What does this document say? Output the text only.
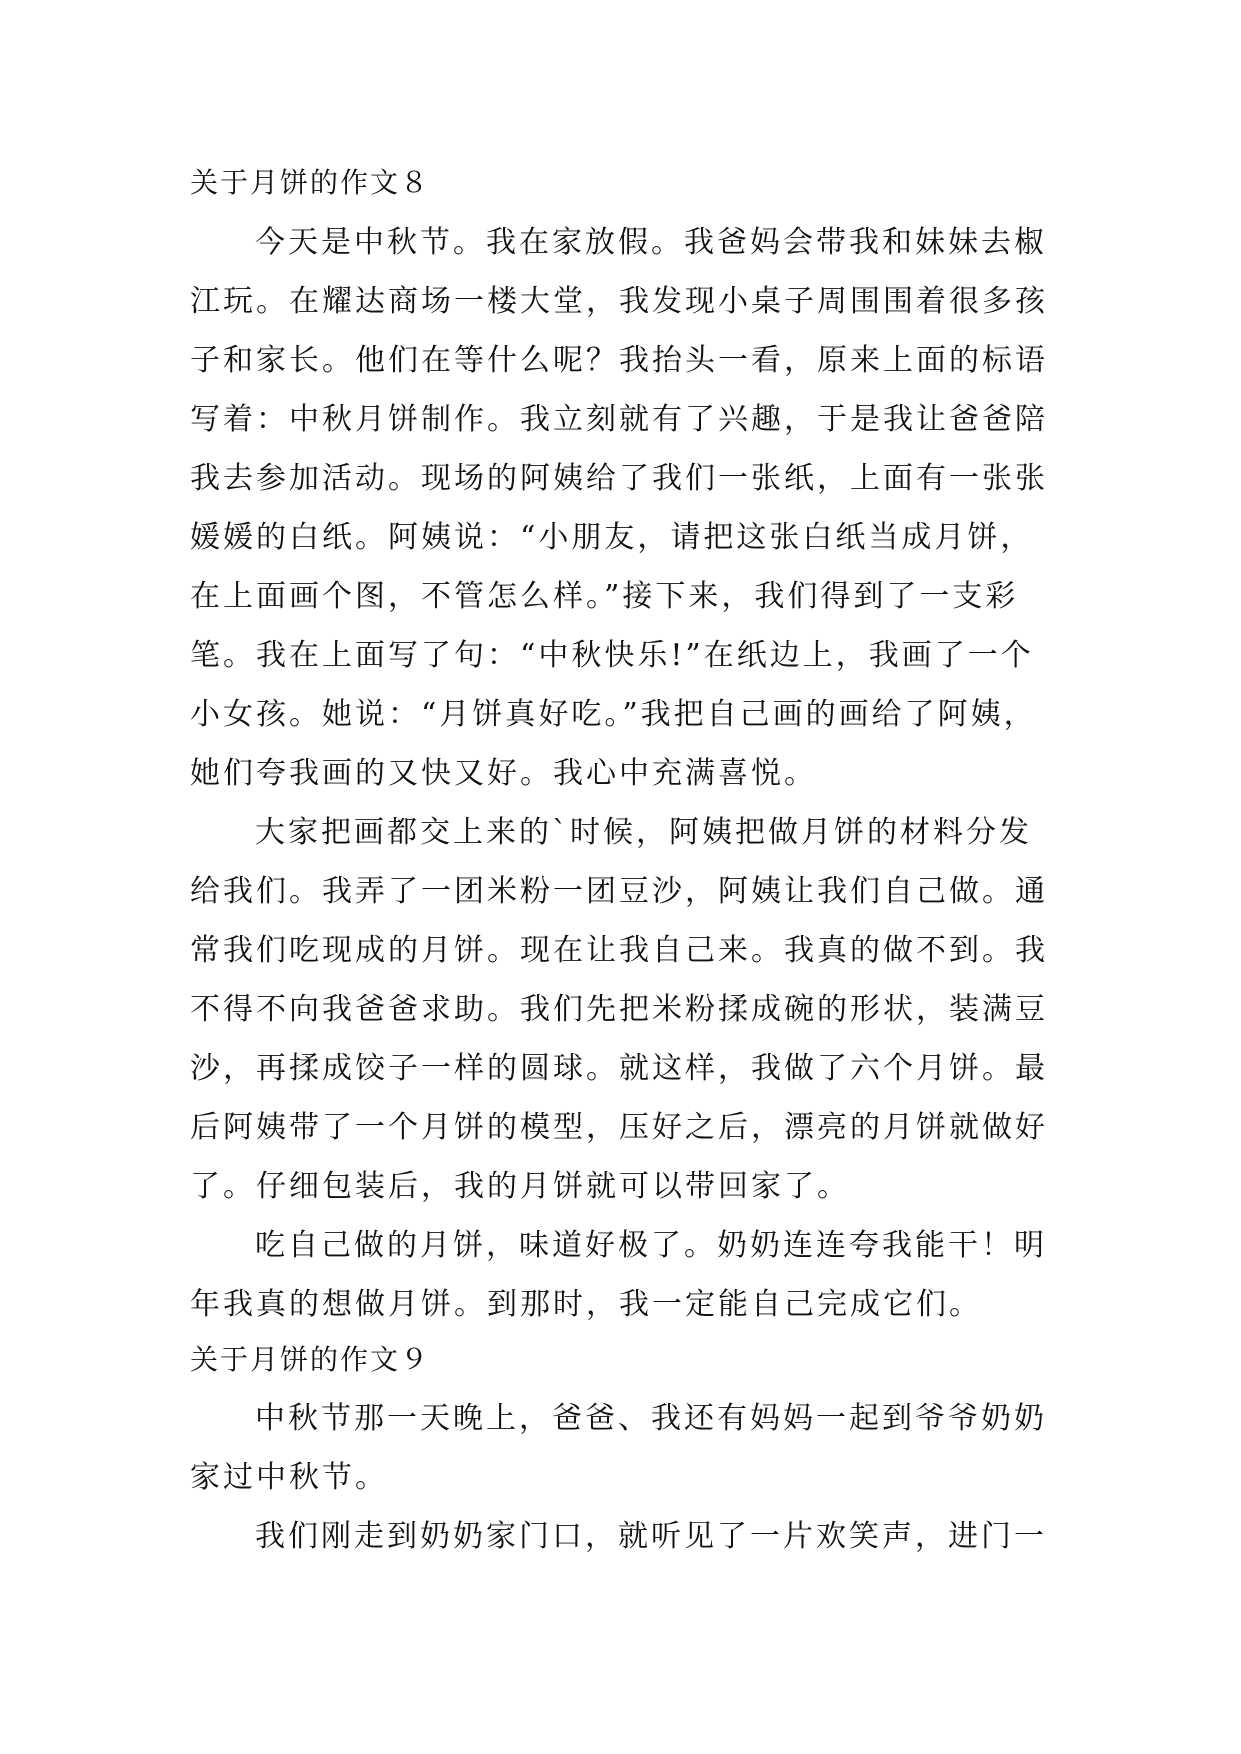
关于月饼的作文８
今天是中秋节。我在家放假。我爸妈会带我和妹妹去椒
江玩。在耀达商场一楼大堂，我发现小桌子周围围着很多孩
子和家长。他们在等什么呢？我抬头一看，原来上面的标语
写着：中秋月饼制作。我立刻就有了兴趣，于是我让爸爸陪
我去参加活动。现场的阿姨给了我们一张纸，上面有一张张
媛媛的白纸。阿姨说：“小朋友，请把这张白纸当成月饼，
在上面画个图，不管怎么样。”接下来，我们得到了一支彩
笔。我在上面写了句：“中秋快乐!”在纸边上，我画了一个
小女孩。她说：“月饼真好吃。”我把自己画的画给了阿姨，
她们夸我画的又快又好。我心中充满喜悦。
大家把画都交上来的`时候，阿姨把做月饼的材料分发
给我们。我弄了一团米粉一团豆沙，阿姨让我们自己做。通
常我们吃现成的月饼。现在让我自己来。我真的做不到。我
不得不向我爸爸求助。我们先把米粉揉成碗的形状，装满豆
沙，再揉成饺子一样的圆球。就这样，我做了六个月饼。最
后阿姨带了一个月饼的模型，压好之后，漂亮的月饼就做好
了。仔细包装后，我的月饼就可以带回家了。
吃自己做的月饼，味道好极了。奶奶连连夸我能干！明
年我真的想做月饼。到那时，我一定能自己完成它们。
关于月饼的作文９
中秋节那一天晚上，爸爸、我还有妈妈一起到爷爷奶奶
家过中秋节。
我们刚走到奶奶家门口，就听见了一片欢笑声，进门一
